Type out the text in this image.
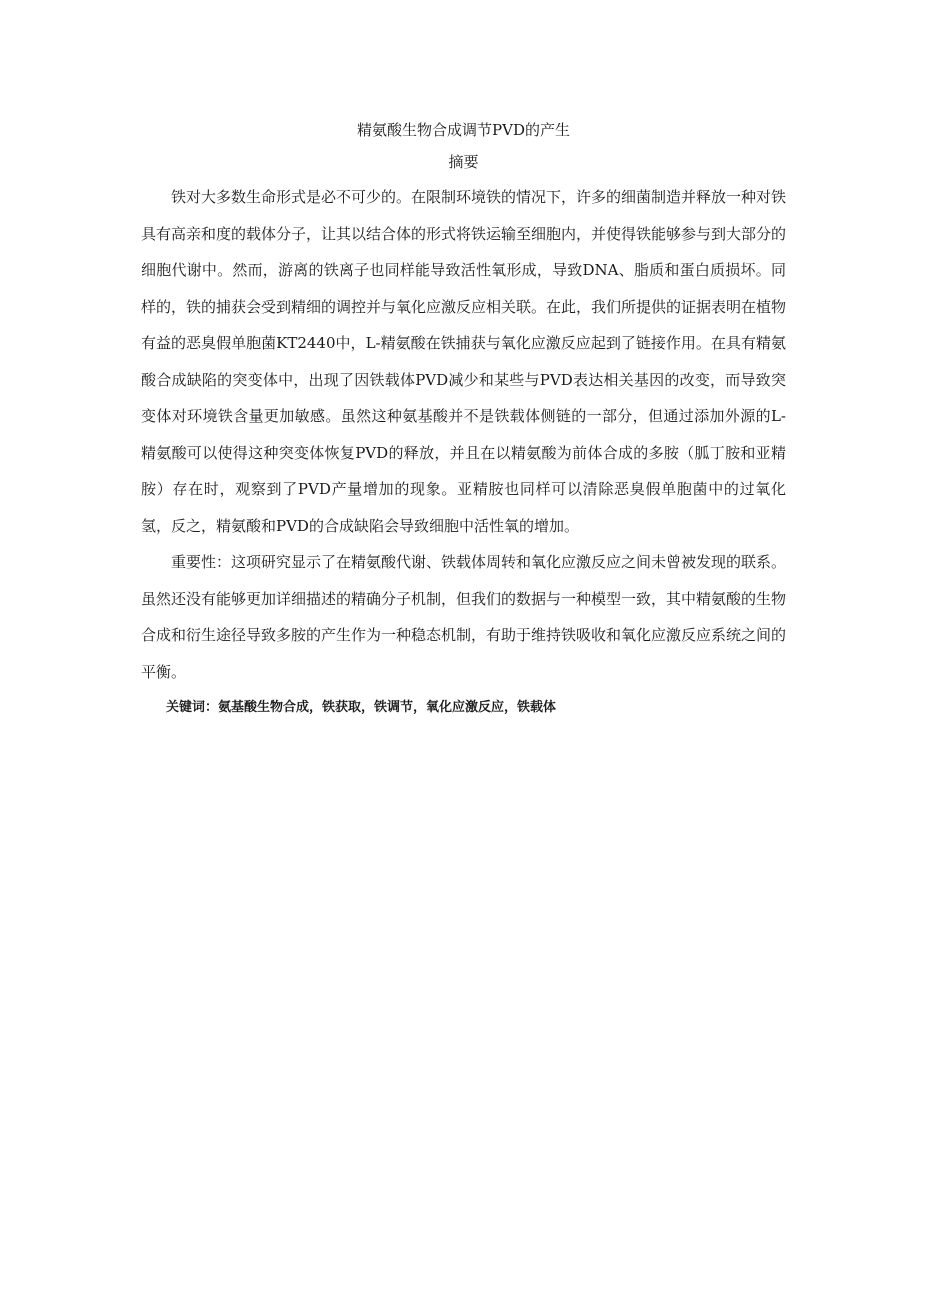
精氨酸生物合成调节PVD的产生
摘要

铁对大多数生命形式是必不可少的。在限制环境铁的情况下，许多的细菌制造并释放一种对铁具有高亲和度的载体分子，让其以结合体的形式将铁运输至细胞内，并使得铁能够参与到大部分的细胞代谢中。然而，游离的铁离子也同样能导致活性氧形成，导致DNA、脂质和蛋白质损坏。同样的，铁的捕获会受到精细的调控并与氧化应激反应相关联。在此，我们所提供的证据表明在植物有益的恶臭假单胞菌KT2440中，L-精氨酸在铁捕获与氧化应激反应起到了链接作用。在具有精氨酸合成缺陷的突变体中，出现了因铁载体PVD减少和某些与PVD表达相关基因的改变，而导致突变体对环境铁含量更加敏感。虽然这种氨基酸并不是铁载体侧链的一部分，但通过添加外源的L-精氨酸可以使得这种突变体恢复PVD的释放，并且在以精氨酸为前体合成的多胺（胍丁胺和亚精胺）存在时，观察到了PVD产量增加的现象。亚精胺也同样可以清除恶臭假单胞菌中的过氧化氢，反之，精氨酸和PVD的合成缺陷会导致细胞中活性氧的增加。

重要性：这项研究显示了在精氨酸代谢、铁载体周转和氧化应激反应之间未曾被发现的联系。虽然还没有能够更加详细描述的精确分子机制，但我们的数据与一种模型一致，其中精氨酸的生物合成和衍生途径导致多胺的产生作为一种稳态机制，有助于维持铁吸收和氧化应激反应系统之间的平衡。

关键词：氨基酸生物合成，铁获取，铁调节，氧化应激反应，铁载体
